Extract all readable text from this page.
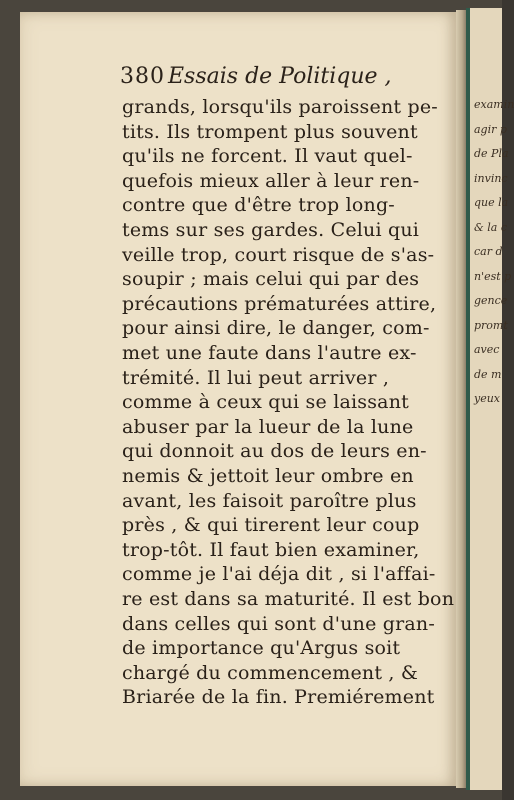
examin
agir p
de Pla
invinc
que la
& la c
car d
n'est p
gence
promt
avec
de m
yeux
380 Essais de Politique ,
grands, lorsqu'ils paroissent pe-
tits. Ils trompent plus souvent
qu'ils ne forcent. Il vaut quel-
quefois mieux aller à leur ren-
contre que d'être trop long-
tems sur ses gardes. Celui qui
veille trop, court risque de s'as-
soupir ; mais celui qui par des
précautions prématurées attire,
pour ainsi dire, le danger, com-
met une faute dans l'autre ex-
trémité. Il lui peut arriver ,
comme à ceux qui se laissant
abuser par la lueur de la lune
qui donnoit au dos de leurs en-
nemis & jettoit leur ombre en
avant, les faisoit paroître plus
près , & qui tirerent leur coup
trop-tôt. Il faut bien examiner,
comme je l'ai déja dit , si l'affai-
re est dans sa maturité. Il est bon
dans celles qui sont d'une gran-
de importance qu'Argus soit
chargé du commencement , &
Briarée de la fin. Premiérement
